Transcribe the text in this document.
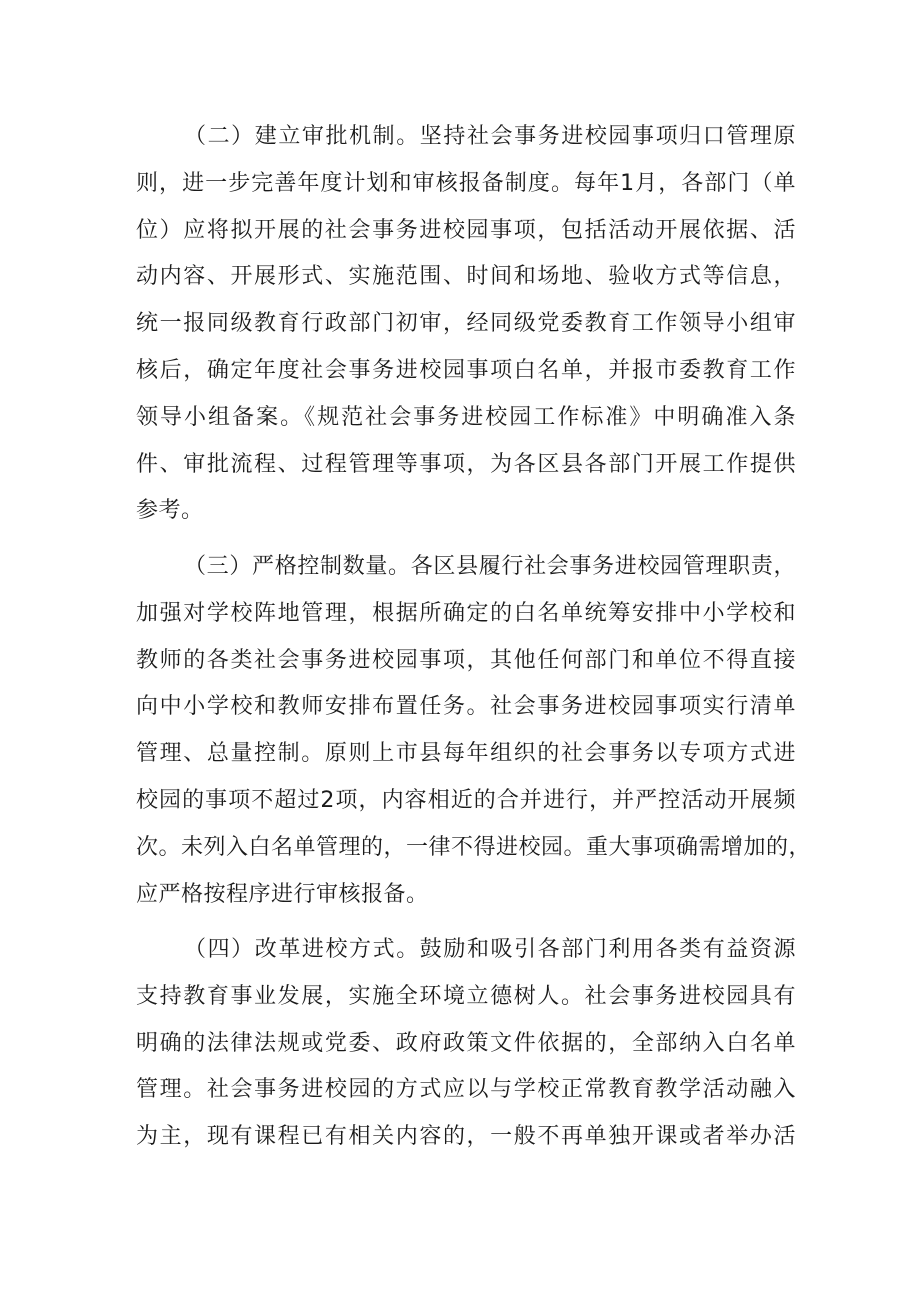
（二）建立审批机制。坚持社会事务进校园事项归口管理原
则，进一步完善年度计划和审核报备制度。每年1月，各部门（单
位）应将拟开展的社会事务进校园事项，包括活动开展依据、活
动内容、开展形式、实施范围、时间和场地、验收方式等信息，
统一报同级教育行政部门初审，经同级党委教育工作领导小组审
核后，确定年度社会事务进校园事项白名单，并报市委教育工作
领导小组备案。《规范社会事务进校园工作标准》中明确准入条
件、审批流程、过程管理等事项，为各区县各部门开展工作提供
参考。
（三）严格控制数量。各区县履行社会事务进校园管理职责，
加强对学校阵地管理，根据所确定的白名单统筹安排中小学校和
教师的各类社会事务进校园事项，其他任何部门和单位不得直接
向中小学校和教师安排布置任务。社会事务进校园事项实行清单
管理、总量控制。原则上市县每年组织的社会事务以专项方式进
校园的事项不超过2项，内容相近的合并进行，并严控活动开展频
次。未列入白名单管理的，一律不得进校园。重大事项确需增加的，
应严格按程序进行审核报备。
（四）改革进校方式。鼓励和吸引各部门利用各类有益资源
支持教育事业发展，实施全环境立德树人。社会事务进校园具有
明确的法律法规或党委、政府政策文件依据的，全部纳入白名单
管理。社会事务进校园的方式应以与学校正常教育教学活动融入
为主，现有课程已有相关内容的，一般不再单独开课或者举办活
